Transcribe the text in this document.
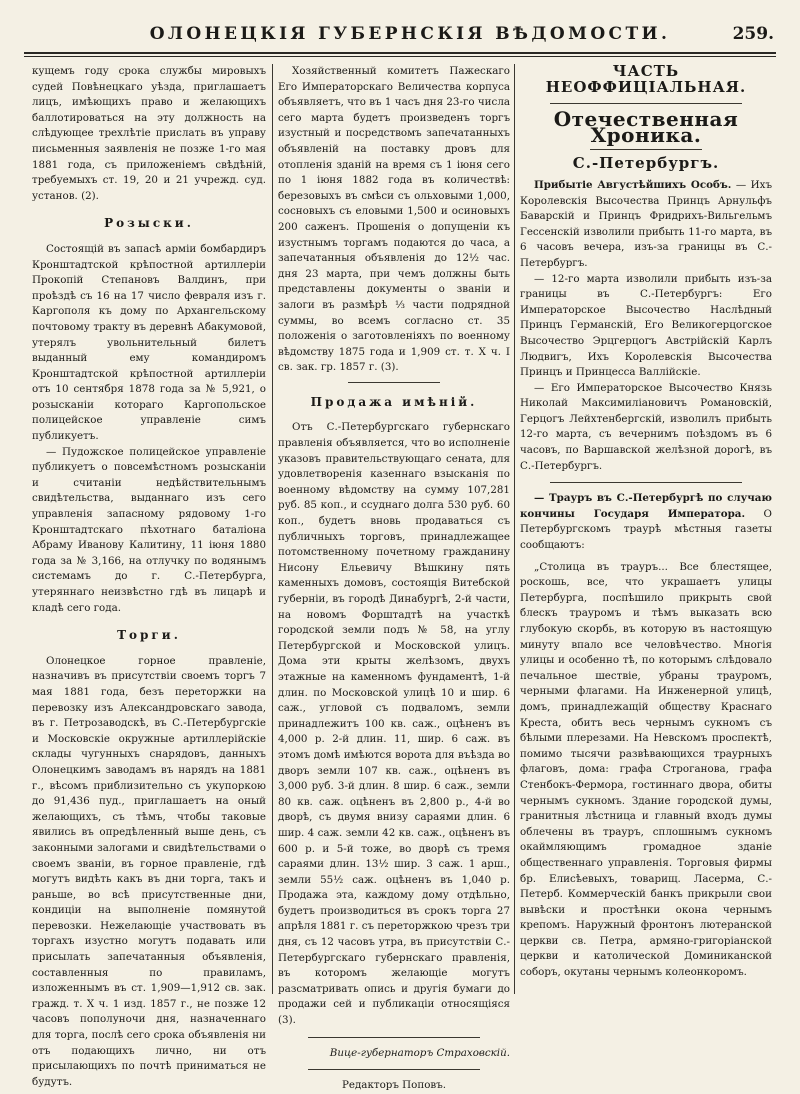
ОЛОНЕЦКІЯ ГУБЕРНСКІЯ ВѢДОМОСТИ.	259.

кущемъ году срока службы мировыхъ судей Повѣнецкаго уѣзда, приглашаетъ лицъ, имѣющихъ право и желающихъ баллотироваться на эту должность на слѣдующее трехлѣтіе прислать въ управу письменныя заявленія не позже 1-го мая 1881 года, съ приложеніемъ свѣдѣній, требуемыхъ ст. 19, 20 и 21 учрежд. суд. установ. (2).

Розыски.

Состоящій въ запасѣ арміи бомбардиръ Кронштадтской крѣпостной артиллеріи Прокопій Степановъ Валдинъ, при проѣздѣ съ 16 на 17 число февраля изъ г. Каргополя къ дому по Архангельскому почтовому тракту въ деревнѣ Абакумовой, утерялъ увольнительный билетъ выданный ему командиромъ Кронштадтской крѣпостной артиллеріи отъ 10 сентября 1878 года за № 5,921, о розысканіи котораго Каргопольское полицейское управленіе симъ публикуетъ.

— Пудожское полицейское управленіе публикуетъ о повсемѣстномъ розысканіи и считаніи недѣйствительнымъ свидѣтельства, выданнаго изъ сего управленія запасному рядовому 1-го Кронштадтскаго пѣхотнаго баталіона Абраму Иванову Калитину, 11 іюня 1880 года за № 3,166, на отлучку по водянымъ системамъ до г. С.-Петербурга, утеряннаго неизвѣстно гдѣ въ лицарѣ и кладѣ сего года.

Торги.

Олонецкое горное правленіе, назначивъ въ присутствіи своемъ торгъ 7 мая 1881 года, безъ переторжки на перевозку изъ Александровскаго завода, въ г. Петрозаводскѣ, въ С.-Петербургскіе и Московскіе окружные артиллерійскіе склады чугунныхъ снарядовъ, данныхъ Олонецкимъ заводамъ въ нарядъ на 1881 г., вѣсомъ приблизительно съ укупоркою до 91,436 пуд., приглашаетъ на оный желающихъ, съ тѣмъ, чтобы таковые явились въ опредѣленный выше день, съ законными залогами и свидѣтельствами о своемъ званіи, въ горное правленіе, гдѣ могутъ видѣть какъ въ дни торга, такъ и раньше, во всѣ присутственные дни, кондиціи на выполненіе помянутой перевозки. Нежелающіе участвовать въ торгахъ изустно могутъ подавать или присылать запечатанныя объявленія, составленныя по правиламъ, изложеннымъ въ ст. 1,909—1,912 св. зак. гражд. т. Х ч. 1 изд. 1857 г., не позже 12 часовъ пополуночи дня, назначеннаго для торга, послѣ сего срока объявленія ни отъ подающихъ лично, ни отъ присылающихъ по почтѣ приниматься не будутъ.

Хозяйственный комитетъ Пажескаго Его Императорскаго Величества корпуса объявляетъ, что въ 1 часъ дня 23-го числа сего марта будетъ произведенъ торгъ изустный и посредствомъ запечатанныхъ объявленій на поставку дровъ для отопленія зданій на время съ 1 іюня сего по 1 іюня 1882 года въ количествѣ: березовыхъ въ смѣси съ ольховыми 1,000, сосновыхъ съ еловыми 1,500 и осиновыхъ 200 саженъ. Прошенія о допущеніи къ изустнымъ торгамъ подаются до часа, а запечатанныя объявленія до 12½ час. дня 23 марта, при чемъ должны быть представлены документы о званіи и залоги въ размѣрѣ ⅓ части подрядной суммы, во всемъ согласно ст. 35 положенія о заготовленіяхъ по военному вѣдомству 1875 года и 1,909 ст. т. X ч. I св. зак. гр. 1857 г. (3).

Продажа имѣній.

Отъ С.-Петербургскаго губернскаго правленія объявляется, что во исполненіе указовъ правительствующаго сената, для удовлетворенія казеннаго взысканія по военному вѣдомству на сумму 107,281 руб. 85 коп., и ссуднаго долга 530 руб. 60 коп., будетъ вновь продаваться съ публичныхъ торговъ, принадлежащее потомственному почетному гражданину Нисону Ельевичу Вѣшкину пять каменныхъ домовъ, состоящія Витебской губерніи, въ городѣ Динабургѣ, 2-й части, на новомъ Форштадтѣ на участкѣ городской земли подъ № 58, на углу Петербургской и Московской улицъ. Дома эти крыты желѣзомъ, двухъ этажные на каменномъ фундаментѣ, 1-й длин. по Московской улицѣ 10 и шир. 6 саж., угловой съ подваломъ, земли принадлежитъ 100 кв. саж., оцѣненъ въ 4,000 р. 2-й длин. 11, шир. 6 саж. въ этомъ домѣ имѣются ворота для въѣзда во дворъ земли 107 кв. саж., оцѣненъ въ 3,000 руб. 3-й длин. 8 шир. 6 саж., земли 80 кв. саж. оцѣненъ въ 2,800 р., 4-й во дворѣ, съ двумя внизу сараями длин. 6 шир. 4 саж. земли 42 кв. саж., оцѣненъ въ 600 р. и 5-й тоже, во дворѣ съ тремя сараями длин. 13½ шир. 3 саж. 1 арш., земли 55½ саж. оцѣненъ въ 1,040 р. Продажа эта, каждому дому отдѣльно, будетъ производиться въ срокъ торга 27 апрѣля 1881 г. съ переторжкою чрезъ три дня, съ 12 часовъ утра, въ присутствіи С.-Петербургскаго губернскаго правленія, въ которомъ желающіе могутъ разсматривать опись и другія бумаги до продажи сей и публикаціи относящіяся (3).

Вице-губернаторъ Страховскій.

Редакторъ Поповъ.

ЧАСТЬ НЕОФФИЦІАЛЬНАЯ.
Отечественная Хроника.
С.-Петербургъ.

Прибытіе Августѣйшихъ Особъ. — Ихъ Королевскія Высочества Принцъ Арнульфъ Баварскій и Принцъ Фридрихъ-Вильгельмъ Гессенскій изволили прибыть 11-го марта, въ 6 часовъ вечера, изъ-за границы въ С.-Петербургъ.

— 12-го марта изволили прибыть изъ-за границы въ С.-Петербургъ: Его Императорское Высочество Наслѣдный Принцъ Германскій, Его Великогерцогское Высочество Эрцгерцогъ Австрійскій Карлъ Людвигъ, Ихъ Королевскія Высочества Принцъ и Принцесса Валлійскіе.

— Его Императорское Высочество Князь Николай Максимиліановичъ Романовскій, Герцогъ Лейхтенбергскій, изволилъ прибыть 12-го марта, съ вечернимъ поѣздомъ въ 6 часовъ, по Варшавской желѣзной дорогѣ, въ С.-Петербургъ.

— Трауръ въ С.-Петербургѣ по случаю кончины Государя Императора. О Петербургскомъ траурѣ мѣстныя газеты сообщаютъ:

„Столица въ трауръ... Все блестящее, роскошь, все, что украшаетъ улицы Петербурга, поспѣшило прикрыть свой блескъ трауромъ и тѣмъ выказать всю глубокую скорбь, въ которую въ настоящую минуту впало все человѣчество. Многія улицы и особенно тѣ, по которымъ слѣдовало печальное шествіе, убраны трауромъ, черными флагами. На Инженерной улицѣ, домъ, принадлежащій обществу Краснаго Креста, обитъ весь чернымъ сукномъ съ бѣлыми плерезами. На Невскомъ проспектѣ, помимо тысячи развѣвающихся траурныхъ флаговъ, дома: графа Строганова, графа Стенбокъ-Фермора, гостиннаго двора, обиты чернымъ сукномъ. Здание городской думы, гранитныя лѣстница и главный входъ думы облечены въ трауръ, сплошнымъ сукномъ окаймляющимъ громадное зданіе общественнаго управленія. Торговыя фирмы бр. Елисѣевыхъ, товарищ. Ласерма, С.-Петерб. Коммерческій банкъ прикрыли свои вывѣски и простѣнки окона чернымъ крепомъ. Наружный фронтонъ лютеранской церкви св. Петра, армяно-григоріанской церкви и католической Доминиканской соборъ, окутаны чернымъ колеонкоромъ.
